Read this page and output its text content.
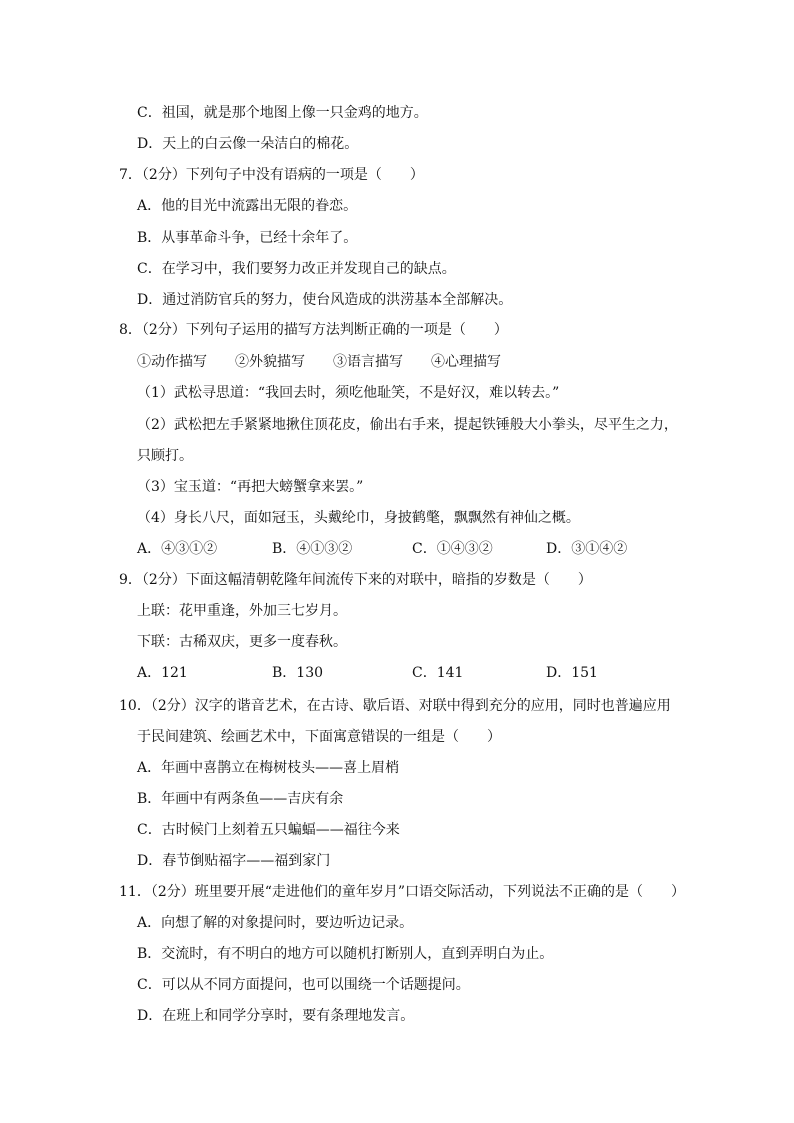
C．祖国，就是那个地图上像一只金鸡的地方。
D．天上的白云像一朵洁白的棉花。
7．（2分）下列句子中没有语病的一项是（　　）
A．他的目光中流露出无限的眷恋。
B．从事革命斗争，已经十余年了。
C．在学习中，我们要努力改正并发现自己的缺点。
D．通过消防官兵的努力，使台风造成的洪涝基本全部解决。
8．（2分）下列句子运用的描写方法判断正确的一项是（　　）
①动作描写　　②外貌描写　　③语言描写　　④心理描写
（1）武松寻思道：“我回去时，须吃他耻笑，不是好汉，难以转去。”
（2）武松把左手紧紧地揪住顶花皮，偷出右手来，提起铁锤般大小拳头，尽平生之力，
只顾打。
（3）宝玉道：“再把大螃蟹拿来罢。”
（4）身长八尺，面如冠玉，头戴纶巾，身披鹤氅，飘飘然有神仙之概。
A．④③①②	B．④①③②	C．①④③②	D．③①④②
9．（2分）下面这幅清朝乾隆年间流传下来的对联中，暗指的岁数是（　　）
上联：花甲重逢，外加三七岁月。
下联：古稀双庆，更多一度春秋。
A．121	B．130	C．141	D．151
10．（2分）汉字的谐音艺术，在古诗、歇后语、对联中得到充分的应用，同时也普遍应用
于民间建筑、绘画艺术中，下面寓意错误的一组是（　　）
A．年画中喜鹊立在梅树枝头——喜上眉梢
B．年画中有两条鱼——吉庆有余
C．古时候门上刻着五只蝙蝠——福往今来
D．春节倒贴福字——福到家门
11．（2分）班里要开展“走进他们的童年岁月”口语交际活动，下列说法不正确的是（　　）
A．向想了解的对象提问时，要边听边记录。
B．交流时，有不明白的地方可以随机打断别人，直到弄明白为止。
C．可以从不同方面提问，也可以围绕一个话题提问。
D．在班上和同学分享时，要有条理地发言。
